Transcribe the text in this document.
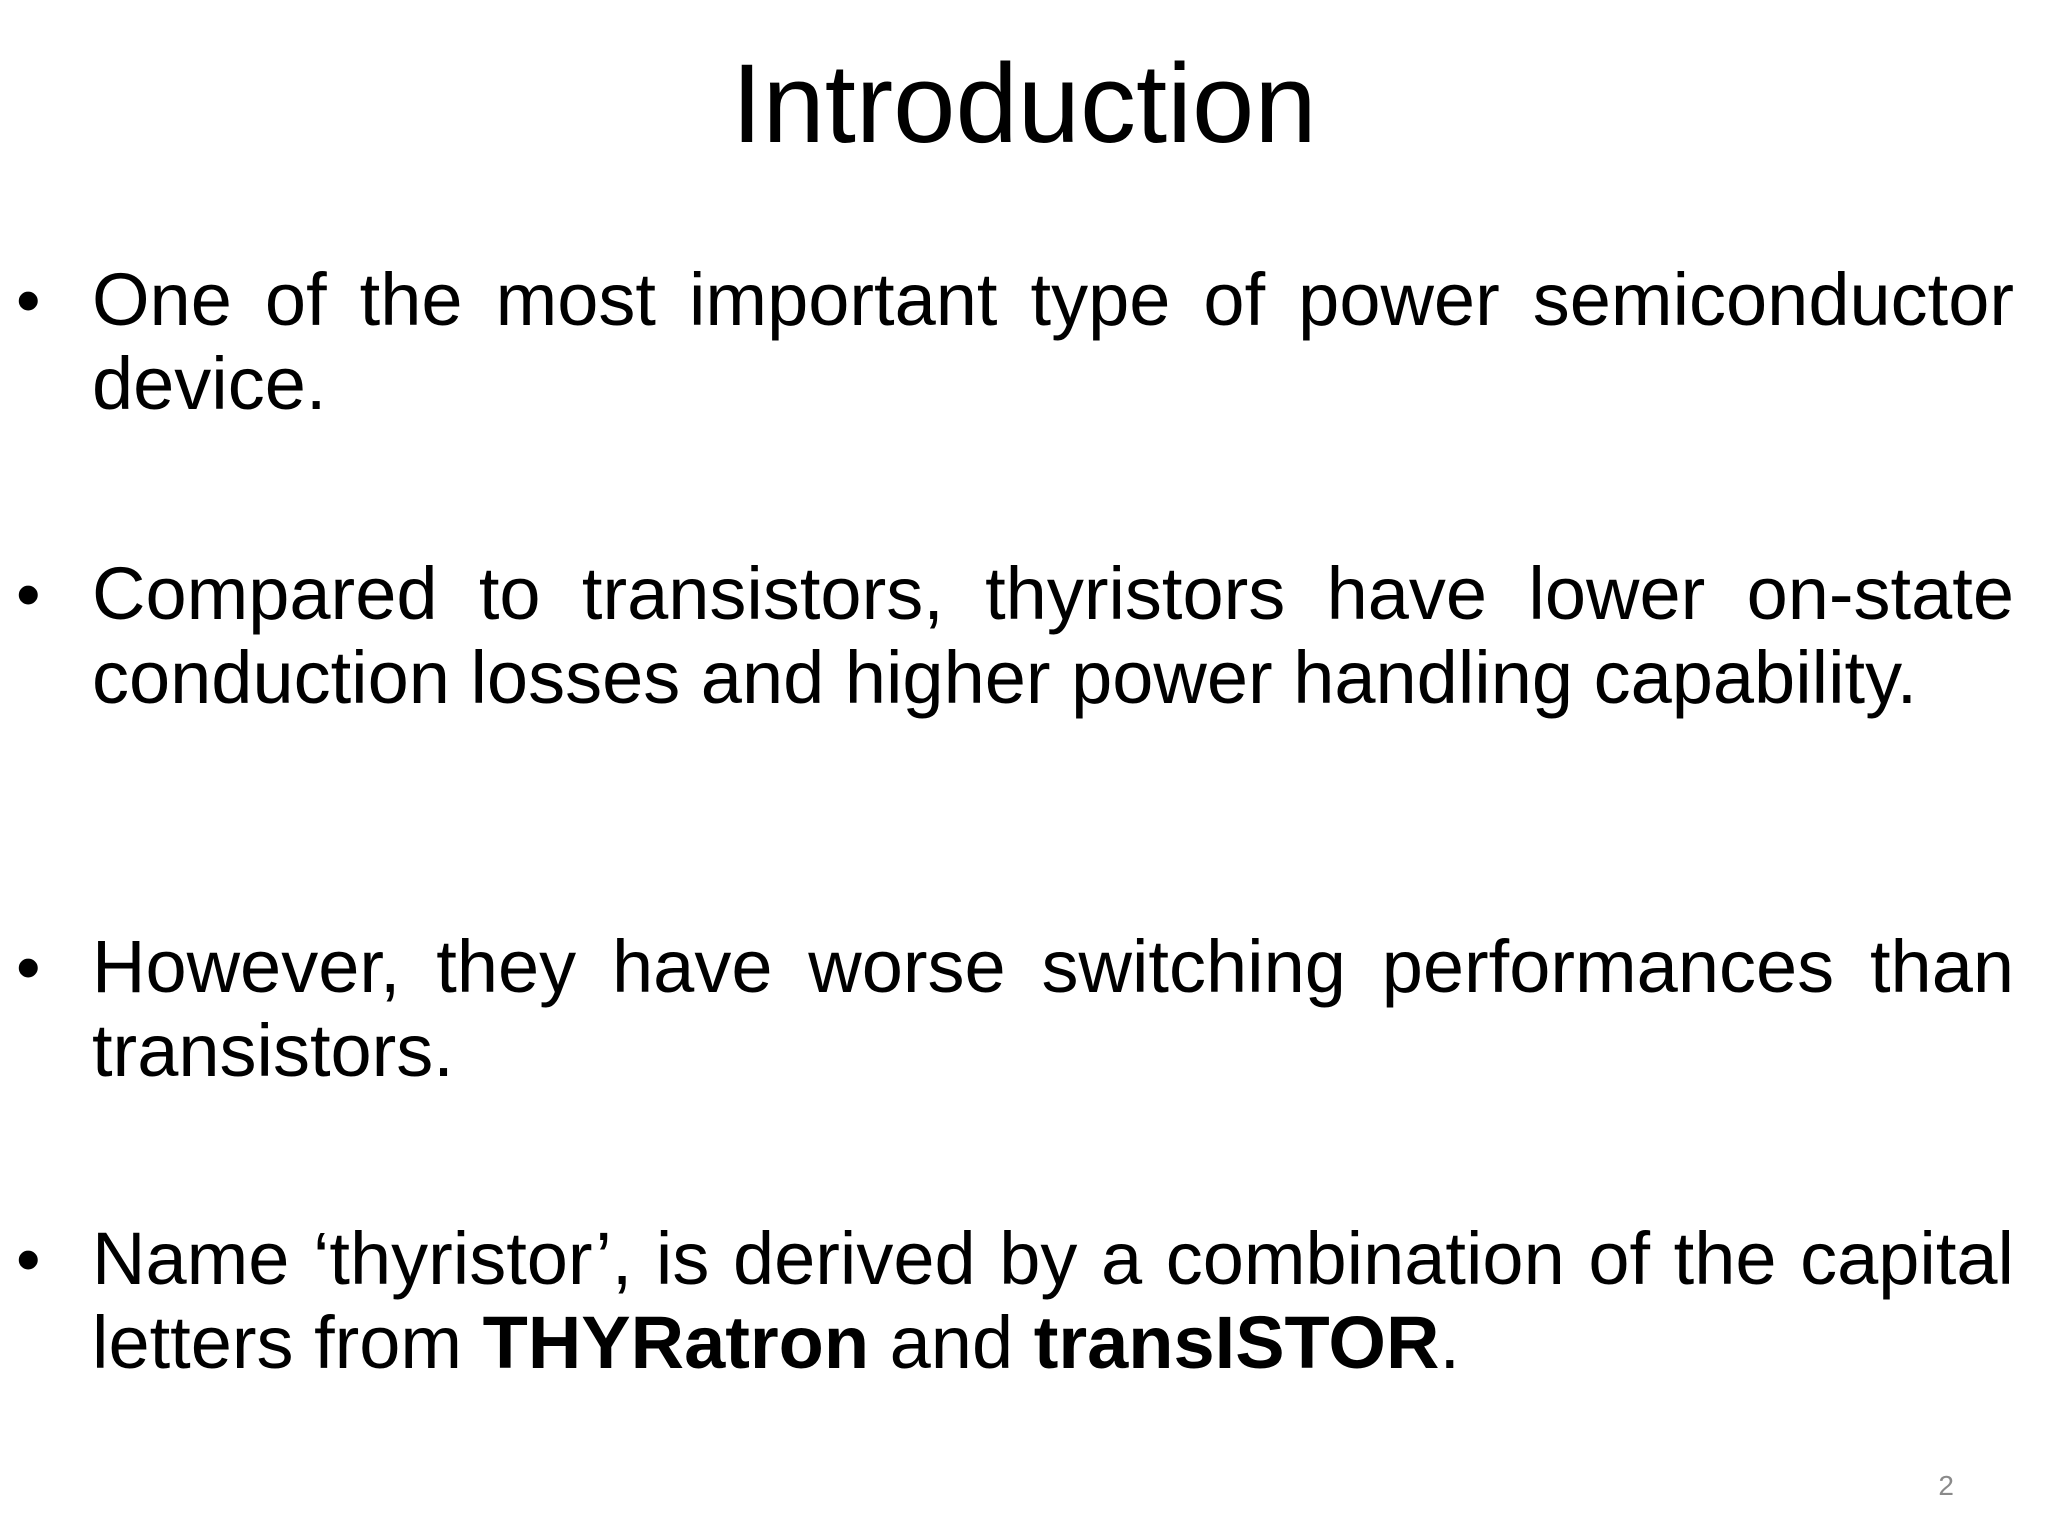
Introduction
• One of the most important type of power semiconductor device.
• Compared to transistors, thyristors have lower on-state conduction losses and higher power handling capability.
• However, they have worse switching performances than transistors.
• Name ‘thyristor’, is derived by a combination of the capital letters from THYRatron and transISTOR.
2
